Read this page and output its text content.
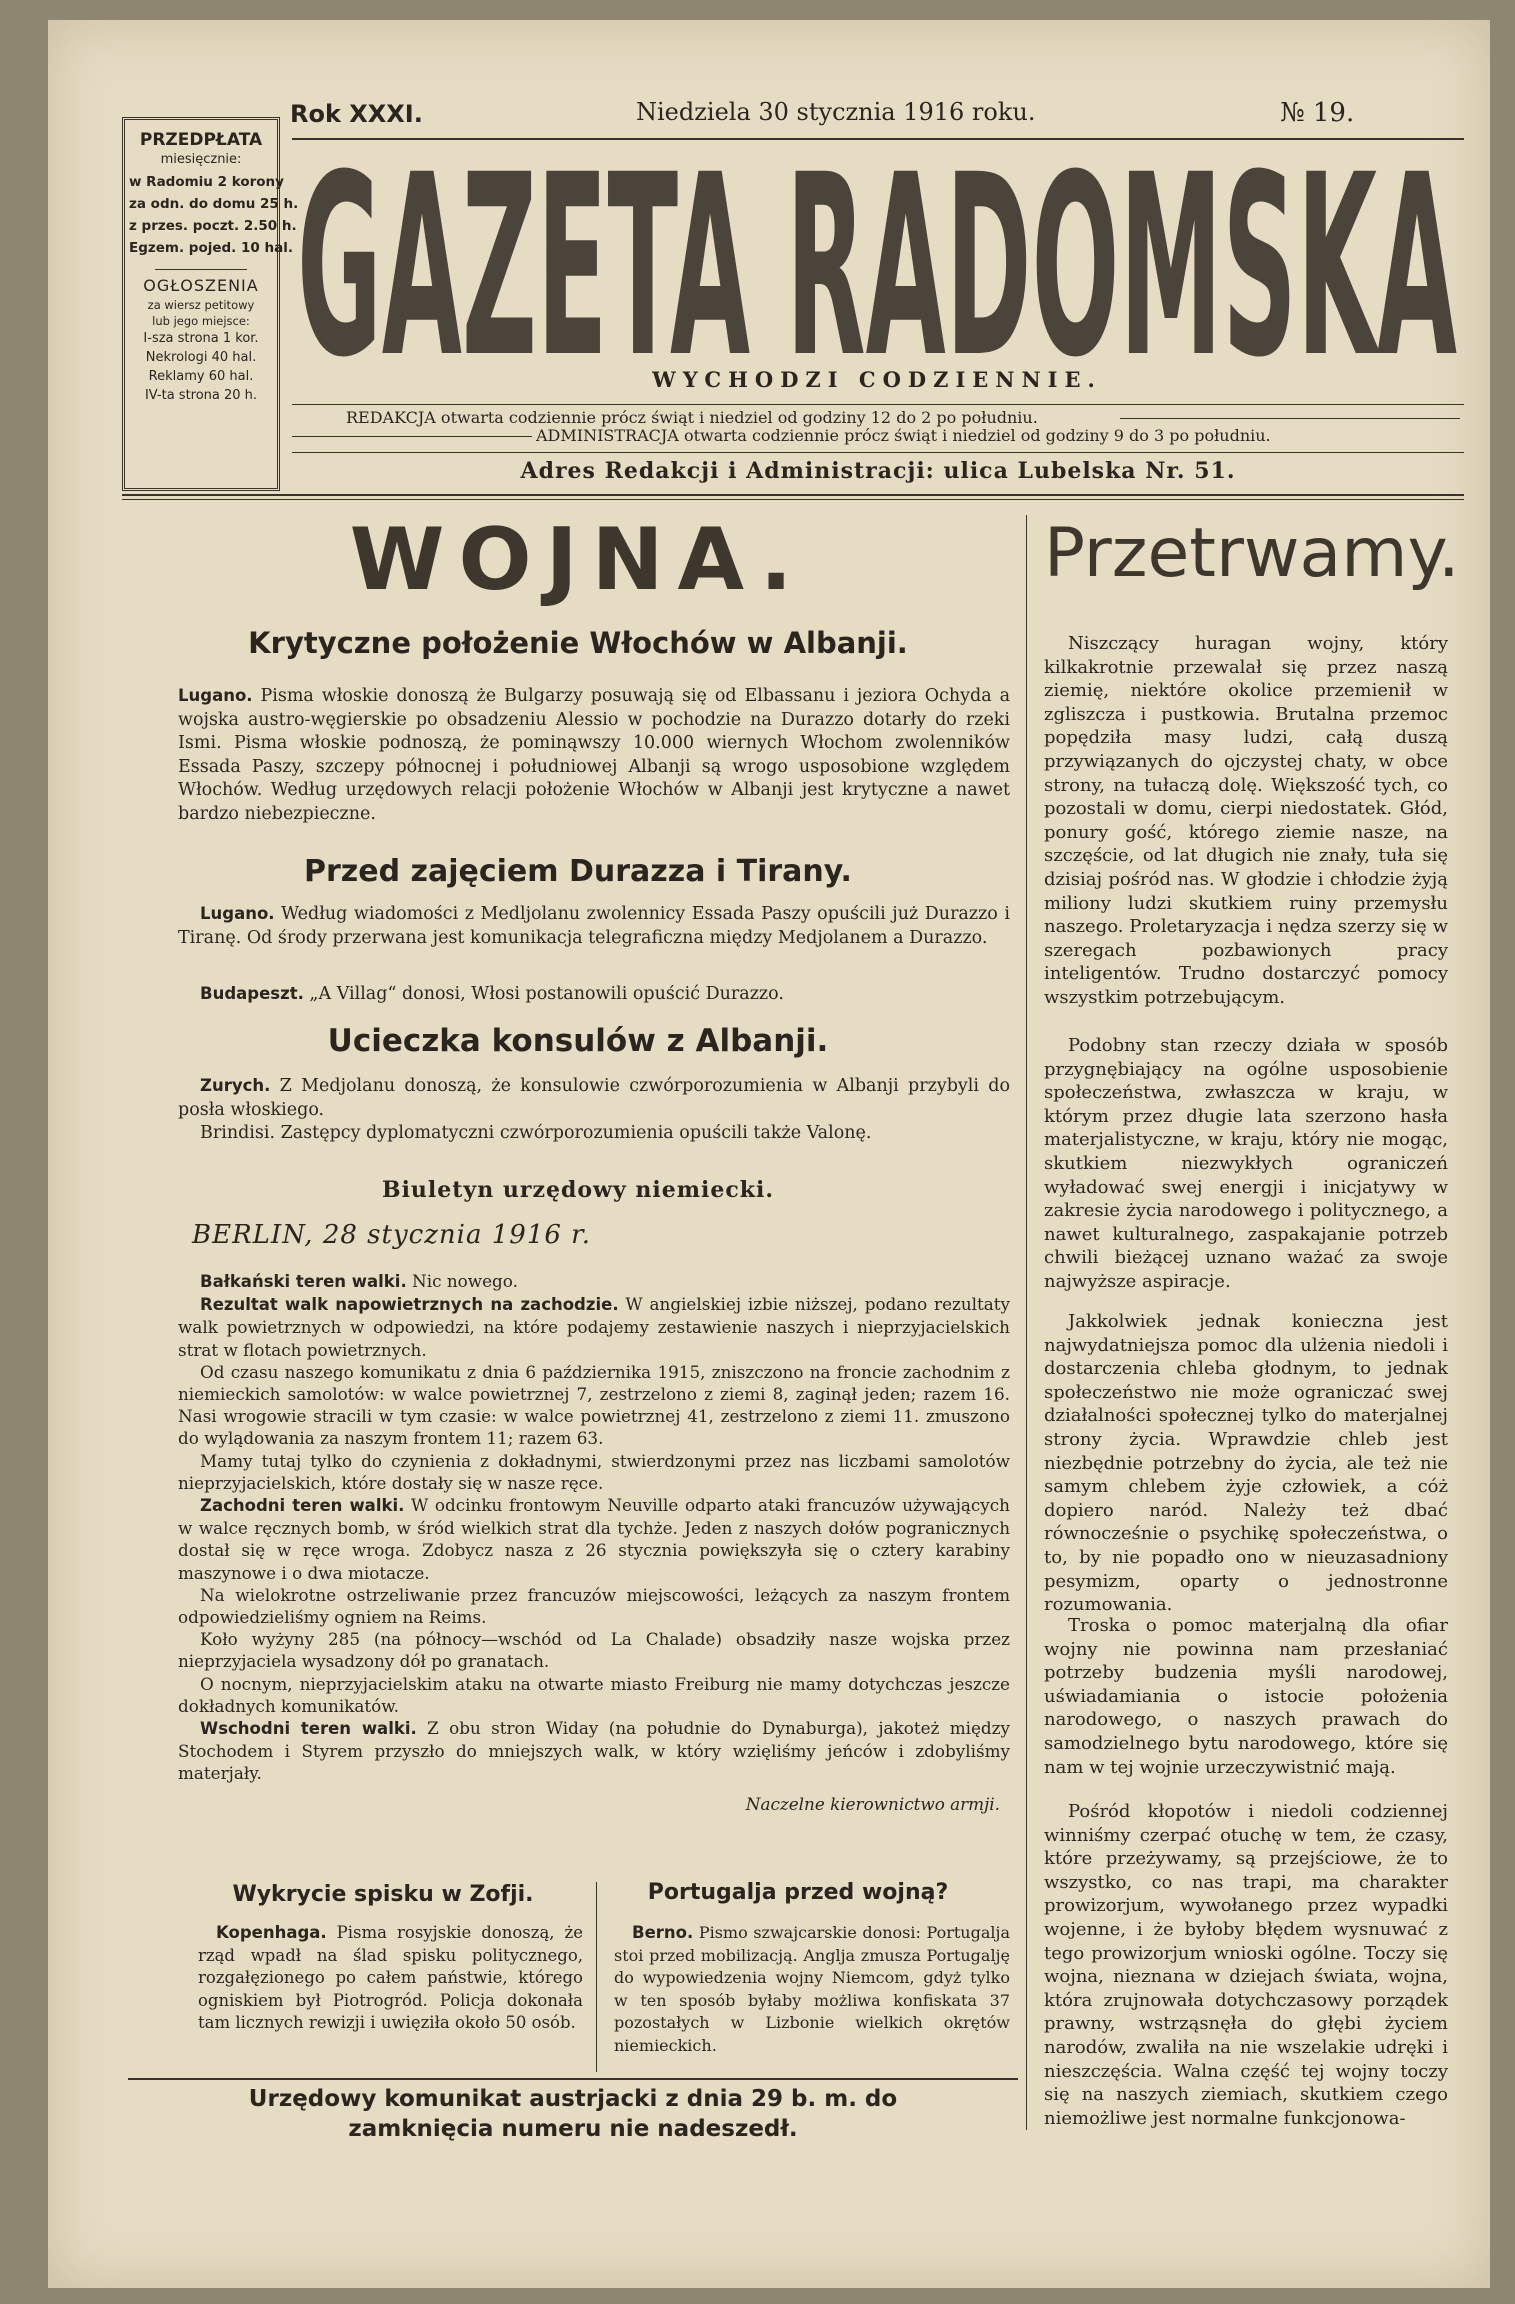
PRZEDPŁATA
miesięcznie:
w Radomiu 2 korony
za odn. do domu 25 h.
z przes. poczt. 2.50 h.
Egzem. pojed. 10 hal.
OGŁOSZENIA
za wiersz petitowy
lub jego miejsce:
I-sza strona 1 kor.
Nekrologi 40 hal.
Reklamy 60 hal.
IV-ta strona 20 h.
Rok XXXI.	Niedziela 30 stycznia 1916 roku.	№ 19.
GAZETA RADOMSKA
WYCHODZI CODZIENNIE.
REDAKCJA otwarta codziennie prócz świąt i niedziel od godziny 12 do 2 po południu.
ADMINISTRACJA otwarta codziennie prócz świąt i niedziel od godziny 9 do 3 po południu.
Adres Redakcji i Administracji: ulica Lubelska Nr. 51.
WOJNA.
Krytyczne położenie Włochów w Albanji.
Lugano. Pisma włoskie donoszą że Bulgarzy posuwają się od Elbassanu i jeziora Ochyda a wojska austro-węgierskie po obsadzeniu Alessio w pochodzie na Durazzo dotarły do rzeki Ismi. Pisma włoskie podnoszą, że pominąwszy 10.000 wiernych Włochom zwolenników Essada Paszy, szczepy północnej i południowej Albanji są wrogo usposobione względem Włochów. Według urzędowych relacji położenie Włochów w Albanji jest krytyczne a nawet bardzo niebezpieczne.
Przed zajęciem Durazza i Tirany.
Lugano. Według wiadomości z Medljolanu zwolennicy Essada Paszy opuścili już Durazzo i Tiranę. Od środy przerwana jest komunikacja telegraficzna między Medjolanem a Durazzo.
Budapeszt. „A Villag“ donosi, Włosi postanowili opuścić Durazzo.
Ucieczka konsulów z Albanji.
Zurych. Z Medjolanu donoszą, że konsulowie czwórporozumienia w Albanji przybyli do posła włoskiego.
Brindisi. Zastępcy dyplomatyczni czwórporozumienia opuścili także Valonę.
Biuletyn urzędowy niemiecki.
BERLIN, 28 stycznia 1916 r.
Bałkański teren walki. Nic nowego.
Rezultat walk napowietrznych na zachodzie. W angielskiej izbie niższej, podano rezultaty walk powietrznych w odpowiedzi, na które podajemy zestawienie naszych i nieprzyjacielskich strat w flotach powietrznych.
Od czasu naszego komunikatu z dnia 6 października 1915, zniszczono na froncie zachodnim z niemieckich samolotów: w walce powietrznej 7, zestrzelono z ziemi 8, zaginął jeden; razem 16. Nasi wrogowie stracili w tym czasie: w walce powietrznej 41, zestrzelono z ziemi 11. zmuszono do wylądowania za naszym frontem 11; razem 63.
Mamy tutaj tylko do czynienia z dokładnymi, stwierdzonymi przez nas liczbami samolotów nieprzyjacielskich, które dostały się w nasze ręce.
Zachodni teren walki. W odcinku frontowym Neuville odparto ataki francuzów używających w walce ręcznych bomb, w śród wielkich strat dla tychże. Jeden z naszych dołów pogranicznych dostał się w ręce wroga. Zdobycz nasza z 26 stycznia powiększyła się o cztery karabiny maszynowe i o dwa miotacze.
Na wielokrotne ostrzeliwanie przez francuzów miejscowości, leżących za naszym frontem odpowiedzieliśmy ogniem na Reims.
Koło wyżyny 285 (na północy—wschód od La Chalade) obsadziły nasze wojska przez nieprzyjaciela wysadzony dół po granatach.
O nocnym, nieprzyjacielskim ataku na otwarte miasto Freiburg nie mamy dotychczas jeszcze dokładnych komunikatów.
Wschodni teren walki. Z obu stron Widay (na południe do Dynaburga), jakoteż między Stochodem i Styrem przyszło do mniejszych walk, w który wzięliśmy jeńców i zdobyliśmy materjały.
Naczelne kierownictwo armji.
Wykrycie spisku w Zofji.
Kopenhaga. Pisma rosyjskie donoszą, że rząd wpadł na ślad spisku politycznego, rozgałęzionego po całem państwie, którego ogniskiem był Piotrogród. Policja dokonała tam licznych rewizji i uwięziła około 50 osób.
Portugalja przed wojną?
Berno. Pismo szwajcarskie donosi: Portugalja stoi przed mobilizacją. Anglja zmusza Portugalję do wypowiedzenia wojny Niemcom, gdyż tylko w ten sposób byłaby możliwa konfiskata 37 pozostałych w Lizbonie wielkich okrętów niemieckich.
Urzędowy komunikat austrjacki z dnia 29 b. m. do zamknięcia numeru nie nadeszedł.
Przetrwamy.
Niszczący huragan wojny, który kilkakrotnie przewalał się przez naszą ziemię, niektóre okolice przemienił w zgliszcza i pustkowia. Brutalna przemoc popędziła masy ludzi, całą duszą przywiązanych do ojczystej chaty, w obce strony, na tułaczą dolę. Większość tych, co pozostali w domu, cierpi niedostatek. Głód, ponury gość, którego ziemie nasze, na szczęście, od lat długich nie znały, tuła się dzisiaj pośród nas. W głodzie i chłodzie żyją miliony ludzi skutkiem ruiny przemysłu naszego. Proletaryzacja i nędza szerzy się w szeregach pozbawionych pracy inteligentów. Trudno dostarczyć pomocy wszystkim potrzebującym.
Podobny stan rzeczy działa w sposób przygnębiający na ogólne usposobienie społeczeństwa, zwłaszcza w kraju, w którym przez długie lata szerzono hasła materjalistyczne, w kraju, który nie mogąc, skutkiem niezwykłych ograniczeń wyładować swej energji i inicjatywy w zakresie życia narodowego i politycznego, a nawet kulturalnego, zaspakajanie potrzeb chwili bieżącej uznano ważać za swoje najwyższe aspiracje.
Jakkolwiek jednak konieczna jest najwydatniejsza pomoc dla ulżenia niedoli i dostarczenia chleba głodnym, to jednak społeczeństwo nie może ograniczać swej działalności społecznej tylko do materjalnej strony życia. Wprawdzie chleb jest niezbędnie potrzebny do życia, ale też nie samym chlebem żyje człowiek, a cóż dopiero naród. Należy też dbać równocześnie o psychikę społeczeństwa, o to, by nie popadło ono w nieuzasadniony pesymizm, oparty o jednostronne rozumowania.
Troska o pomoc materjalną dla ofiar wojny nie powinna nam przesłaniać potrzeby budzenia myśli narodowej, uświadamiania o istocie położenia narodowego, o naszych prawach do samodzielnego bytu narodowego, które się nam w tej wojnie urzeczywistnić mają.
Pośród kłopotów i niedoli codziennej winniśmy czerpać otuchę w tem, że czasy, które przeżywamy, są przejściowe, że to wszystko, co nas trapi, ma charakter prowizorjum, wywołanego przez wypadki wojenne, i że byłoby błędem wysnuwać z tego prowizorjum wnioski ogólne. Toczy się wojna, nieznana w dziejach świata, wojna, która zrujnowała dotychczasowy porządek prawny, wstrząsnęła do głębi życiem narodów, zwaliła na nie wszelakie udręki i nieszczęścia. Walna część tej wojny toczy się na naszych ziemiach, skutkiem czego niemożliwe jest normalne funkcjonowa-
